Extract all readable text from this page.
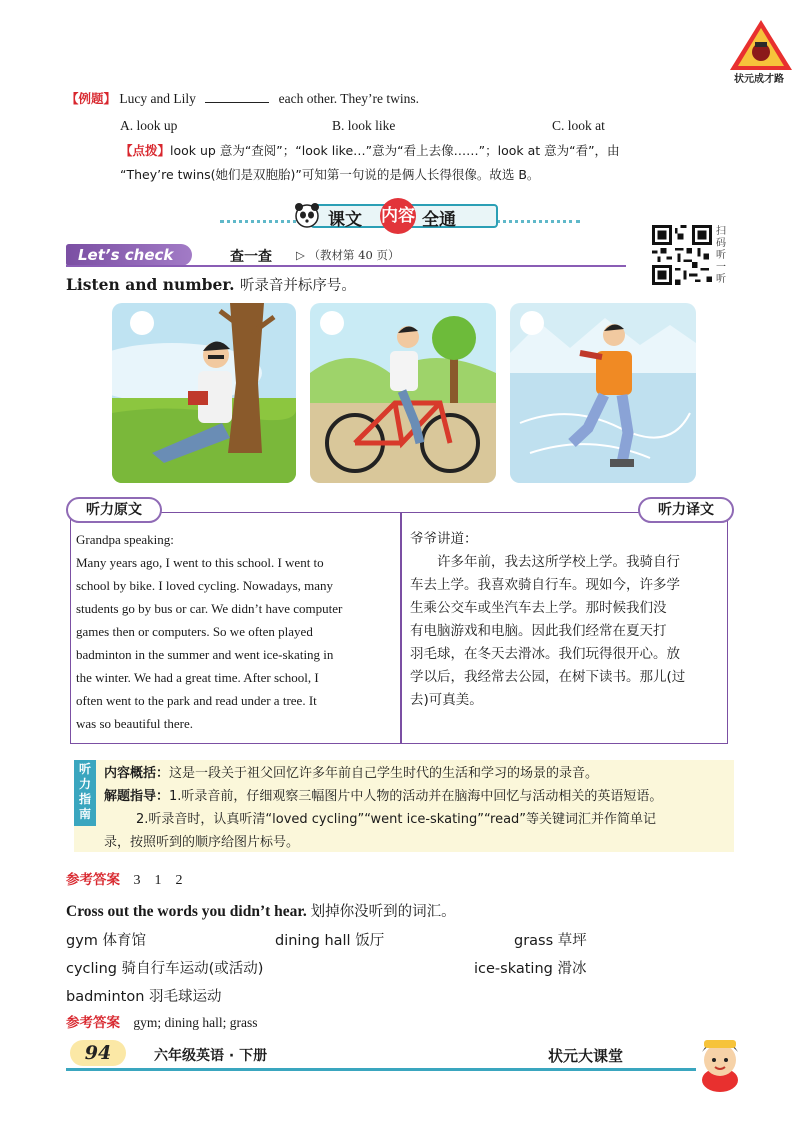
状元成才路
【例题】 Lucy and Lily	each other. They’re twins.
A. look up	B. look like	C. look at
【点拨】look up 意为“查阅”；“look like…”意为“看上去像……”；look at 意为“看”，由
“They’re twins(她们是双胞胎)”可知第一句说的是俩人长得很像。故选 B。
课文 内容 全通
Let’s check	查一查 ▷ （教材第 40 页）
扫码听一听
Listen and number. 听录音并标序号。
听力原文	听力译文
Grandpa speaking:
Many years ago, I went to this school. I went to
school by bike. I loved cycling. Nowadays, many
students go by bus or car. We didn’t have computer
games then or computers. So we often played
badminton in the summer and went ice-skating in
the winter. We had a great time. After school, I
often went to the park and read under a tree. It
was so beautiful there.
爷爷讲道：
　　许多年前，我去这所学校上学。我骑自行
车去上学。我喜欢骑自行车。现如今，许多学
生乘公交车或坐汽车去上学。那时候我们没
有电脑游戏和电脑。因此我们经常在夏天打
羽毛球，在冬天去滑冰。我们玩得很开心。放
学以后，我经常去公园，在树下读书。那儿(过
去)可真美。
听力指南
内容概括：这是一段关于祖父回忆许多年前自己学生时代的生活和学习的场景的录音。
解题指导：1.听录音前，仔细观察三幅图片中人物的活动并在脑海中回忆与活动相关的英语短语。
2.听录音时，认真听清“loved cycling”“went ice-skating”“read”等关键词汇并作简单记
录，按照听到的顺序给图片标号。
参考答案 3　1　2
Cross out the words you didn’t hear. 划掉你没听到的词汇。
gym 体育馆	dining hall 饭厅	grass 草坪
cycling 骑自行车运动(或活动)	ice-skating 滑冰
badminton 羽毛球运动
参考答案 gym; dining hall; grass
94	六年级英语 · 下册	状元大课堂
